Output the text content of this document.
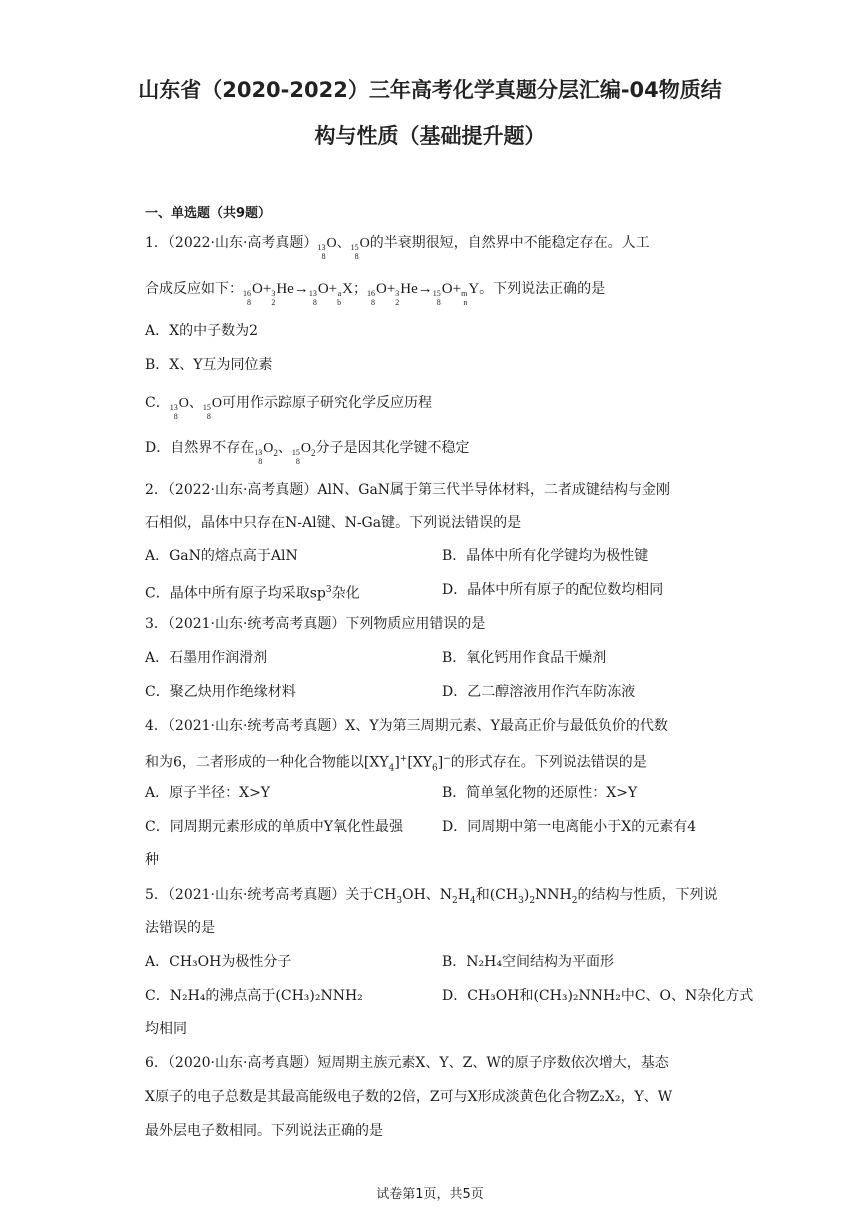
山东省（2020-2022）三年高考化学真题分层汇编-04物质结
构与性质（基础提升题）
一、单选题（共9题）
1．（2022·山东·高考真题） 13
8
O、 15
8
O的半衰期很短，自然界中不能稳定存在。人工
合成反应如下： 16
8
O+ 3
2
He→ 13
8
O+ a
b
X； 16
8
O+ 3
2
He→ 15
8
O+ m
n
Y。下列说法正确的是
A．X的中子数为2
B．X、Y互为同位素
C． 13
8
O、 15
8
O可用作示踪原子研究化学反应历程
D．自然界不存在 13
8
$O_2$、 15
8
$O_2$分子是因其化学键不稳定
2．（2022·山东·高考真题）AlN、GaN属于第三代半导体材料，二者成键结构与金刚
石相似，晶体中只存在N-Al键、N-Ga键。下列说法错误的是
A．GaN的熔点高于AlN	B．晶体中所有化学键均为极性键
C．晶体中所有原子均采取$sp^3$杂化	D．晶体中所有原子的配位数均相同
3．（2021·山东·统考高考真题）下列物质应用错误的是
A．石墨用作润滑剂	B．氧化钙用作食品干燥剂
C．聚乙炔用作绝缘材料	D．乙二醇溶液用作汽车防冻液
4．（2021·山东·统考高考真题）X、Y为第三周期元素、Y最高正价与最低负价的代数
和为6，二者形成的一种化合物能以$[XY_4]^+[XY_6]^-$的形式存在。下列说法错误的是
A．原子半径：X>Y	B．简单氢化物的还原性：X>Y
C．同周期元素形成的单质中Y氧化性最强	D．同周期中第一电离能小于X的元素有4
种
5．（2021·山东·统考高考真题）关于$CH_3OH$、$N_2H_4$和$(CH_3)_2NNH_2$的结构与性质，下列说
法错误的是
A．CH₃OH为极性分子	B．N₂H₄空间结构为平面形
C．N₂H₄的沸点高于(CH₃)₂NNH₂	D．CH₃OH和(CH₃)₂NNH₂中C、O、N杂化方式
均相同
6．（2020·山东·高考真题）短周期主族元素X、Y、Z、W的原子序数依次增大，基态
X原子的电子总数是其最高能级电子数的2倍，Z可与X形成淡黄色化合物Z₂X₂，Y、W
最外层电子数相同。下列说法正确的是
试卷第1页，共5页
